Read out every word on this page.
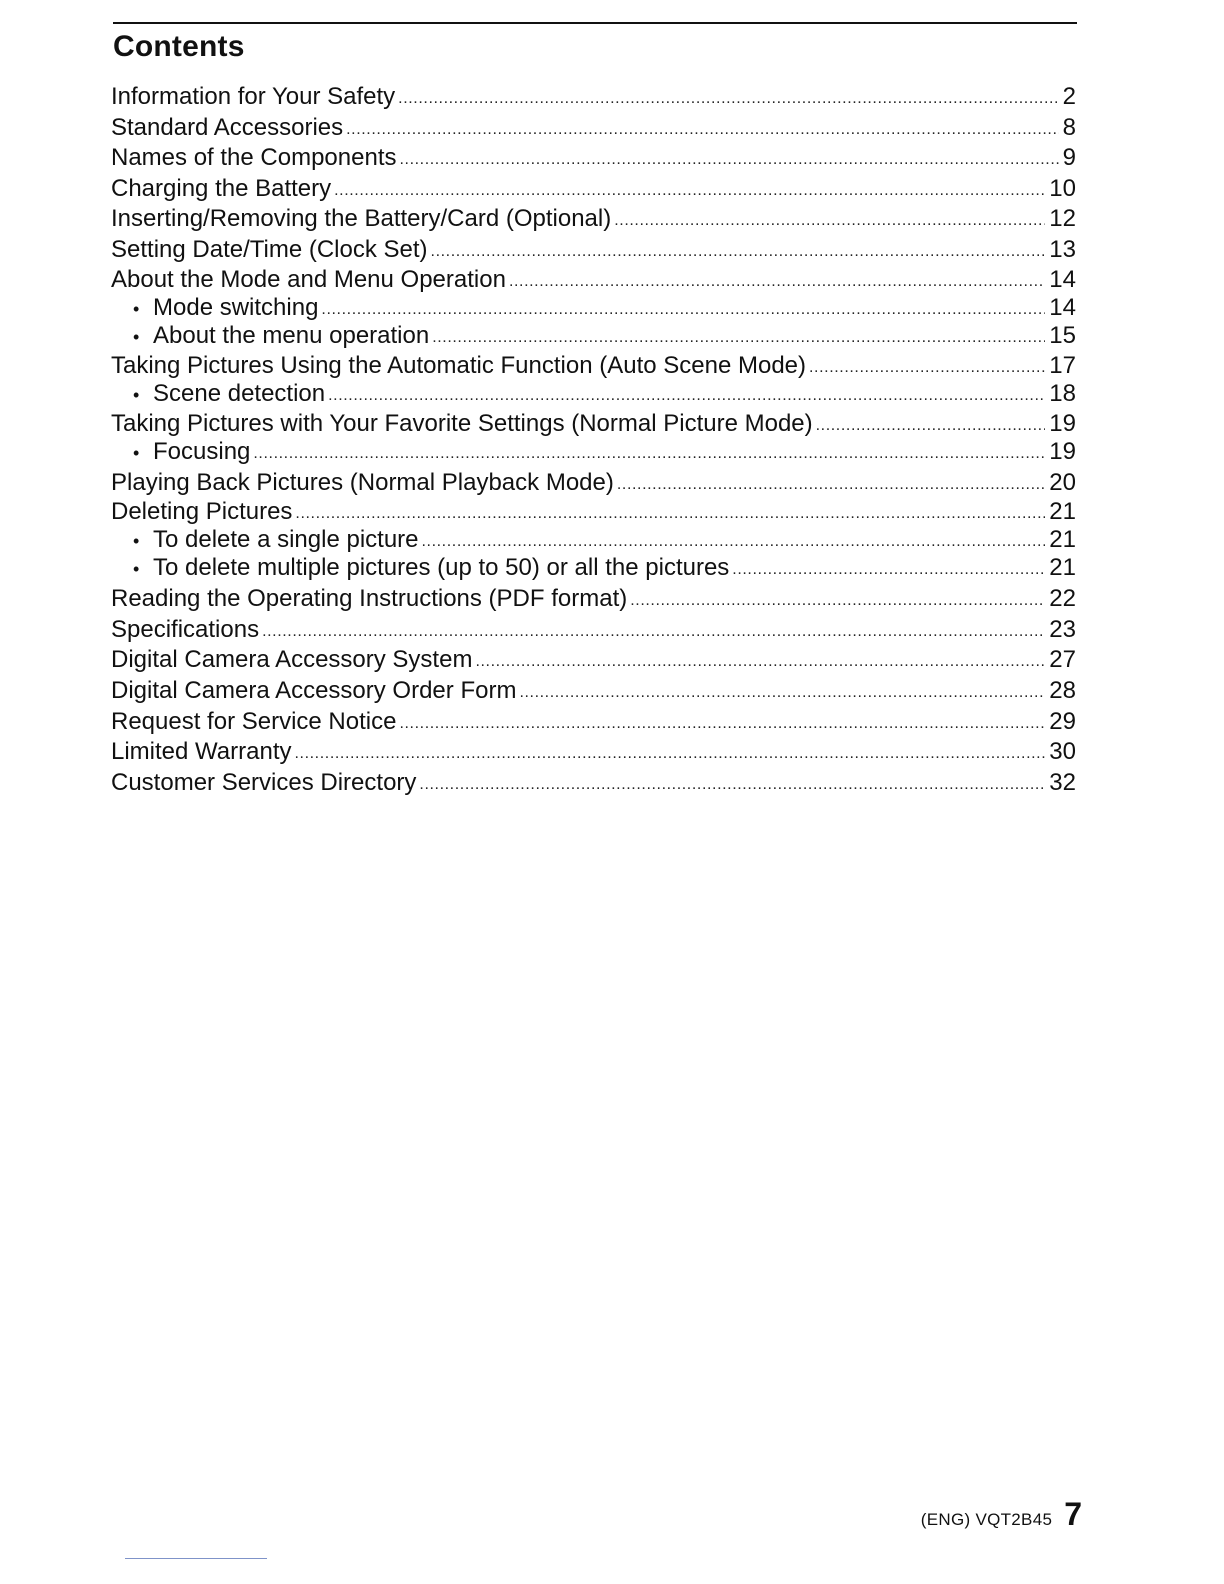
Contents
Information for Your Safety .....	2
Standard Accessories .....	8
Names of the Components .....	9
Charging the Battery .....	10
Inserting/Removing the Battery/Card (Optional) .....	12
Setting Date/Time (Clock Set) .....	13
About the Mode and Menu Operation .....	14
• Mode switching .....	14
• About the menu operation .....	15
Taking Pictures Using the Automatic Function (Auto Scene Mode) .....	17
• Scene detection .....	18
Taking Pictures with Your Favorite Settings (Normal Picture Mode) .....	19
• Focusing .....	19
Playing Back Pictures (Normal Playback Mode) .....	20
Deleting Pictures .....	21
• To delete a single picture .....	21
• To delete multiple pictures (up to 50) or all the pictures .....	21
Reading the Operating Instructions (PDF format) .....	22
Specifications .....	23
Digital Camera Accessory System .....	27
Digital Camera Accessory Order Form .....	28
Request for Service Notice .....	29
Limited Warranty .....	30
Customer Services Directory .....	32
(ENG) VQT2B45 7
